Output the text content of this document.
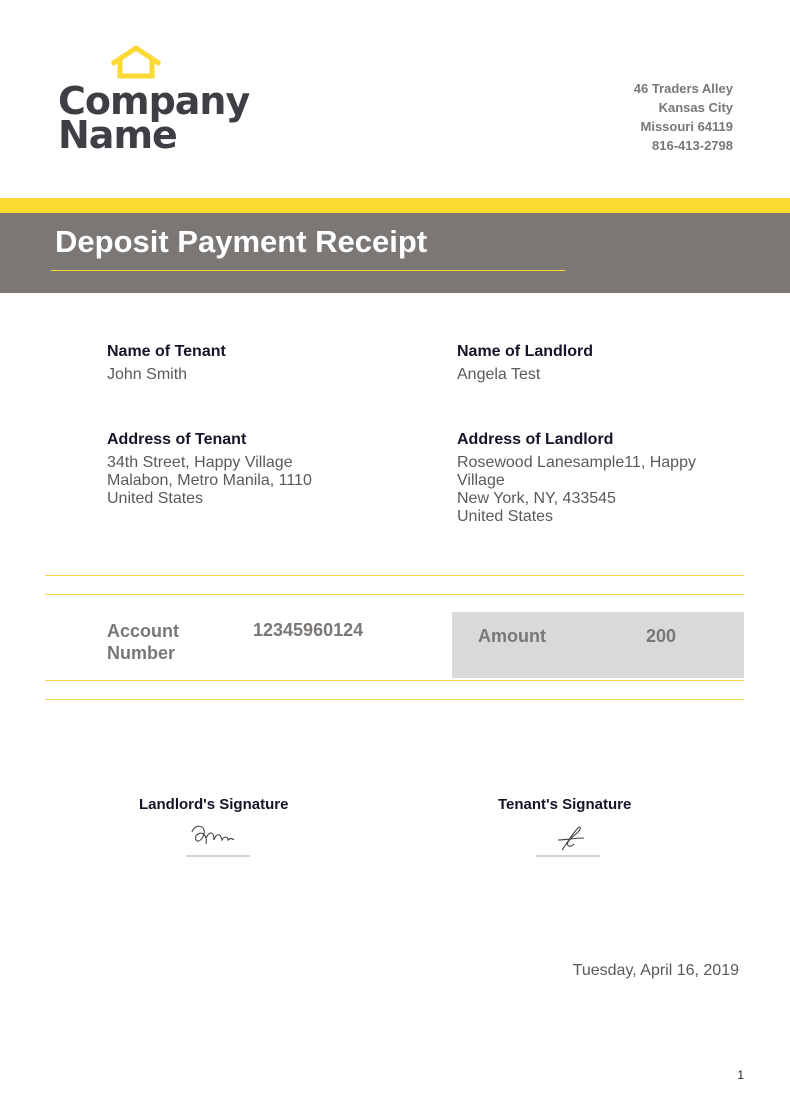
Company
Name
46 Traders Alley
Kansas City
Missouri 64119
816-413-2798
Deposit Payment Receipt
Name of Tenant
John Smith
Name of Landlord
Angela Test
Address of Tenant
34th Street, Happy Village
Malabon, Metro Manila, 1110
United States
Address of Landlord
Rosewood Lanesample11, Happy
Village
New York, NY, 433545
United States
Account
Number
12345960124	Amount	200
Landlord's Signature	Tenant's Signature
Tuesday, April 16, 2019
1
